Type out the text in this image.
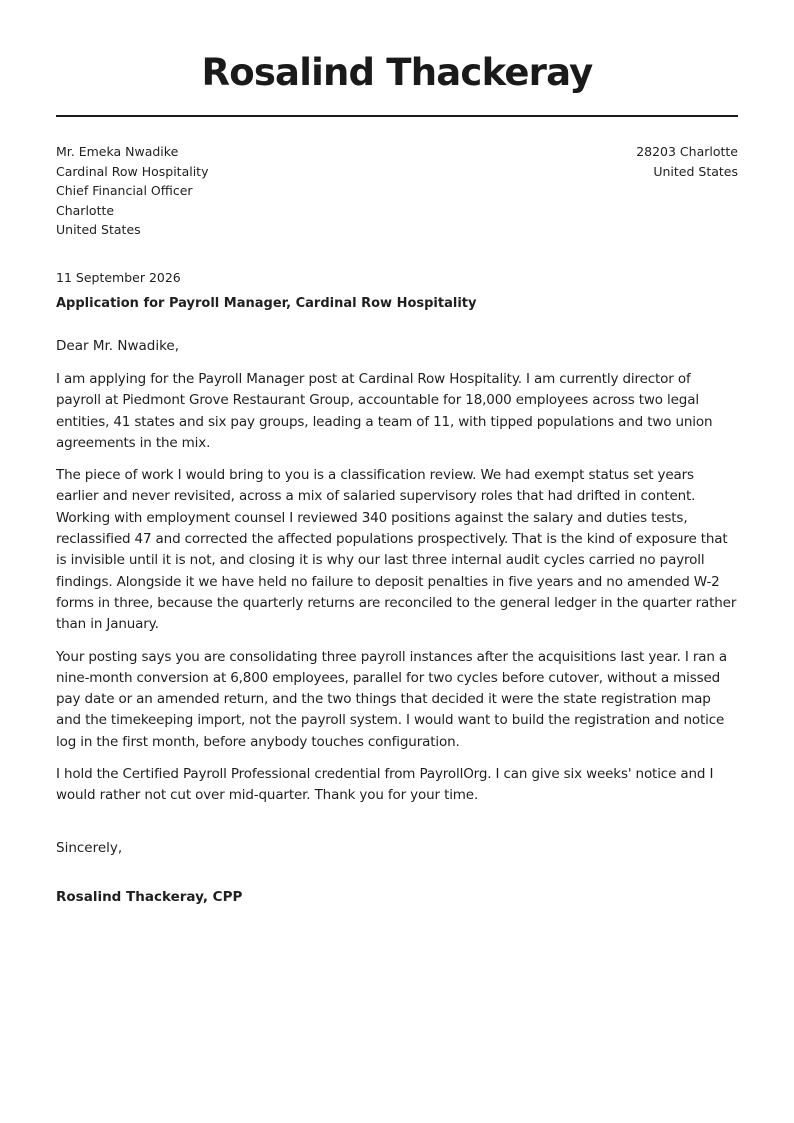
Rosalind Thackeray
Mr. Emeka Nwadike
Cardinal Row Hospitality
Chief Financial Officer
Charlotte
United States
28203 Charlotte
United States
11 September 2026
Application for Payroll Manager, Cardinal Row Hospitality
Dear Mr. Nwadike,

I am applying for the Payroll Manager post at Cardinal Row Hospitality. I am currently director of payroll at Piedmont Grove Restaurant Group, accountable for 18,000 employees across two legal entities, 41 states and six pay groups, leading a team of 11, with tipped populations and two union agreements in the mix.

The piece of work I would bring to you is a classification review. We had exempt status set years earlier and never revisited, across a mix of salaried supervisory roles that had drifted in content. Working with employment counsel I reviewed 340 positions against the salary and duties tests, reclassified 47 and corrected the affected populations prospectively. That is the kind of exposure that is invisible until it is not, and closing it is why our last three internal audit cycles carried no payroll findings. Alongside it we have held no failure to deposit penalties in five years and no amended W-2 forms in three, because the quarterly returns are reconciled to the general ledger in the quarter rather than in January.

Your posting says you are consolidating three payroll instances after the acquisitions last year. I ran a nine-month conversion at 6,800 employees, parallel for two cycles before cutover, without a missed pay date or an amended return, and the two things that decided it were the state registration map and the timekeeping import, not the payroll system. I would want to build the registration and notice log in the first month, before anybody touches configuration.

I hold the Certified Payroll Professional credential from PayrollOrg. I can give six weeks' notice and I would rather not cut over mid-quarter. Thank you for your time.

Sincerely,
Rosalind Thackeray, CPP
